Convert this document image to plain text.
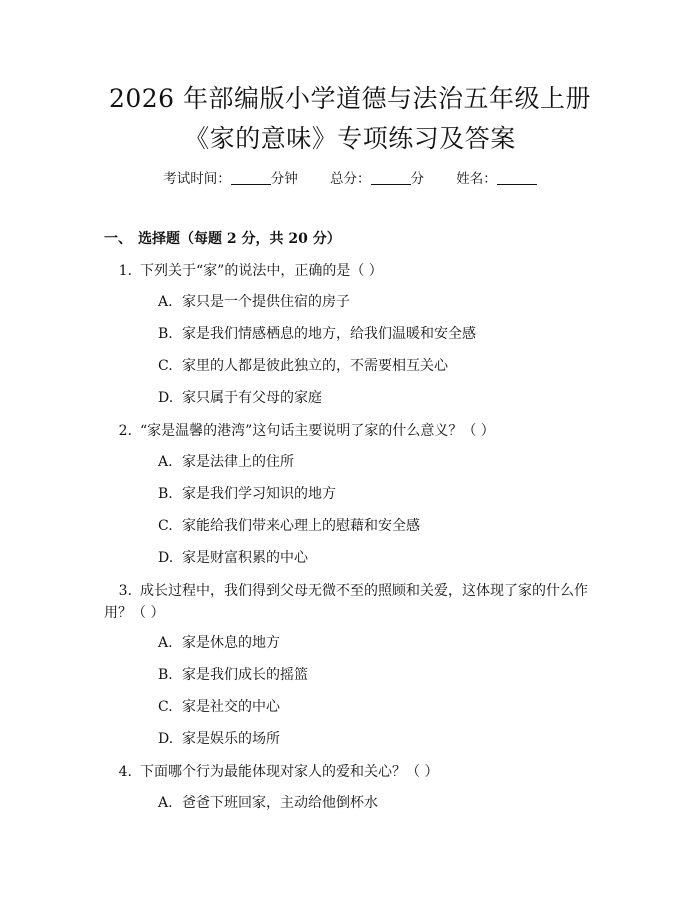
2026 年部编版小学道德与法治五年级上册
《家的意味》专项练习及答案
考试时间：	分钟 总分：	分 姓名：
一、 选择题（每题 2 分，共 20 分）
1. 下列关于“家”的说法中，正确的是（ ）
A. 家只是一个提供住宿的房子
B. 家是我们情感栖息的地方，给我们温暖和安全感
C. 家里的人都是彼此独立的，不需要相互关心
D. 家只属于有父母的家庭
2. “家是温馨的港湾”这句话主要说明了家的什么意义？（ ）
A. 家是法律上的住所
B. 家是我们学习知识的地方
C. 家能给我们带来心理上的慰藉和安全感
D. 家是财富积累的中心
3. 成长过程中，我们得到父母无微不至的照顾和关爱，这体现了家的什么作
用？（ ）
A. 家是休息的地方
B. 家是我们成长的摇篮
C. 家是社交的中心
D. 家是娱乐的场所
4. 下面哪个行为最能体现对家人的爱和关心？（ ）
A. 爸爸下班回家，主动给他倒杯水
